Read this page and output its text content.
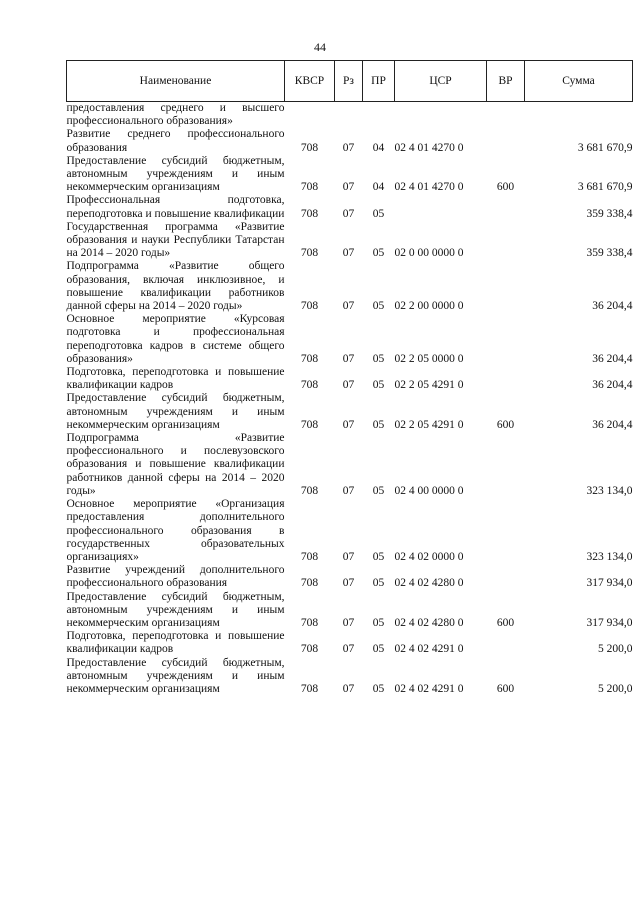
44
Наименование	КВСР	Рз	ПР	ЦСР	ВР	Сумма
предоставления среднего и высшего профессионального образования»						
Развитие среднего профессионального образования	708	07	04	02 4 01 4270 0		3 681 670,9
Предоставление субсидий бюджетным, автономным учреждениям и иным некоммерческим организациям	708	07	04	02 4 01 4270 0	600	3 681 670,9
Профессиональная подготовка, переподготовка и повышение квалификации	708	07	05			359 338,4
Государственная программа «Развитие образования и науки Республики Татарстан на 2014 – 2020 годы»	708	07	05	02 0 00 0000 0		359 338,4
Подпрограмма «Развитие общего образования, включая инклюзивное, и повышение квалификации работников данной сферы на 2014 – 2020 годы»	708	07	05	02 2 00 0000 0		36 204,4
Основное мероприятие «Курсовая подготовка и профессиональная переподготовка кадров в системе общего образования»	708	07	05	02 2 05 0000 0		36 204,4
Подготовка, переподготовка и повышение квалификации кадров	708	07	05	02 2 05 4291 0		36 204,4
Предоставление субсидий бюджетным, автономным учреждениям и иным некоммерческим организациям	708	07	05	02 2 05 4291 0	600	36 204,4
Подпрограмма «Развитие профессионального и послевузовского образования и повышение квалификации работников данной сферы на 2014 – 2020 годы»	708	07	05	02 4 00 0000 0		323 134,0
Основное мероприятие «Организация предоставления дополнительного профессионального образования в государственных образовательных организациях»	708	07	05	02 4 02 0000 0		323 134,0
Развитие учреждений дополнительного профессионального образования	708	07	05	02 4 02 4280 0		317 934,0
Предоставление субсидий бюджетным, автономным учреждениям и иным некоммерческим организациям	708	07	05	02 4 02 4280 0	600	317 934,0
Подготовка, переподготовка и повышение квалификации кадров	708	07	05	02 4 02 4291 0		5 200,0
Предоставление субсидий бюджетным, автономным учреждениям и иным некоммерческим организациям	708	07	05	02 4 02 4291 0	600	5 200,0
